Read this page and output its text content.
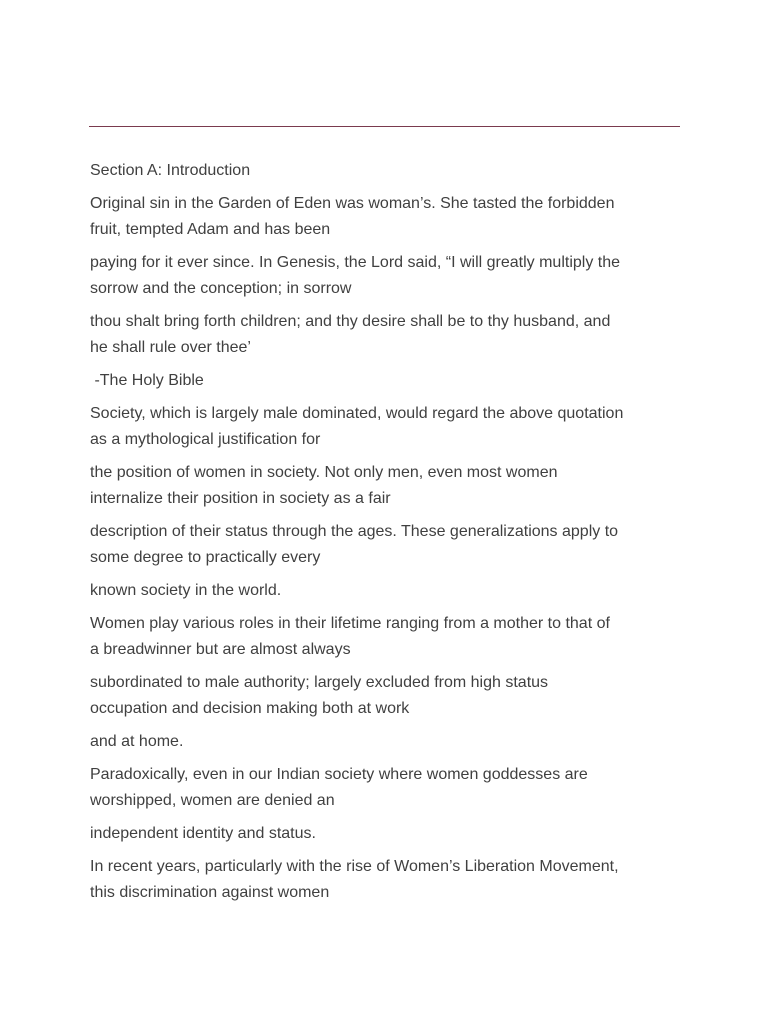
Section A: Introduction

Original sin in the Garden of Eden was woman’s. She tasted the forbidden
fruit, tempted Adam and has been

paying for it ever since. In Genesis, the Lord said, “I will greatly multiply the
sorrow and the conception; in sorrow

thou shalt bring forth children; and thy desire shall be to thy husband, and
he shall rule over thee’

-The Holy Bible

Society, which is largely male dominated, would regard the above quotation
as a mythological justification for

the position of women in society. Not only men, even most women
internalize their position in society as a fair

description of their status through the ages. These generalizations apply to
some degree to practically every

known society in the world.

Women play various roles in their lifetime ranging from a mother to that of
a breadwinner but are almost always

subordinated to male authority; largely excluded from high status
occupation and decision making both at work

and at home.

Paradoxically, even in our Indian society where women goddesses are
worshipped, women are denied an

independent identity and status.

In recent years, particularly with the rise of Women’s Liberation Movement,
this discrimination against women
